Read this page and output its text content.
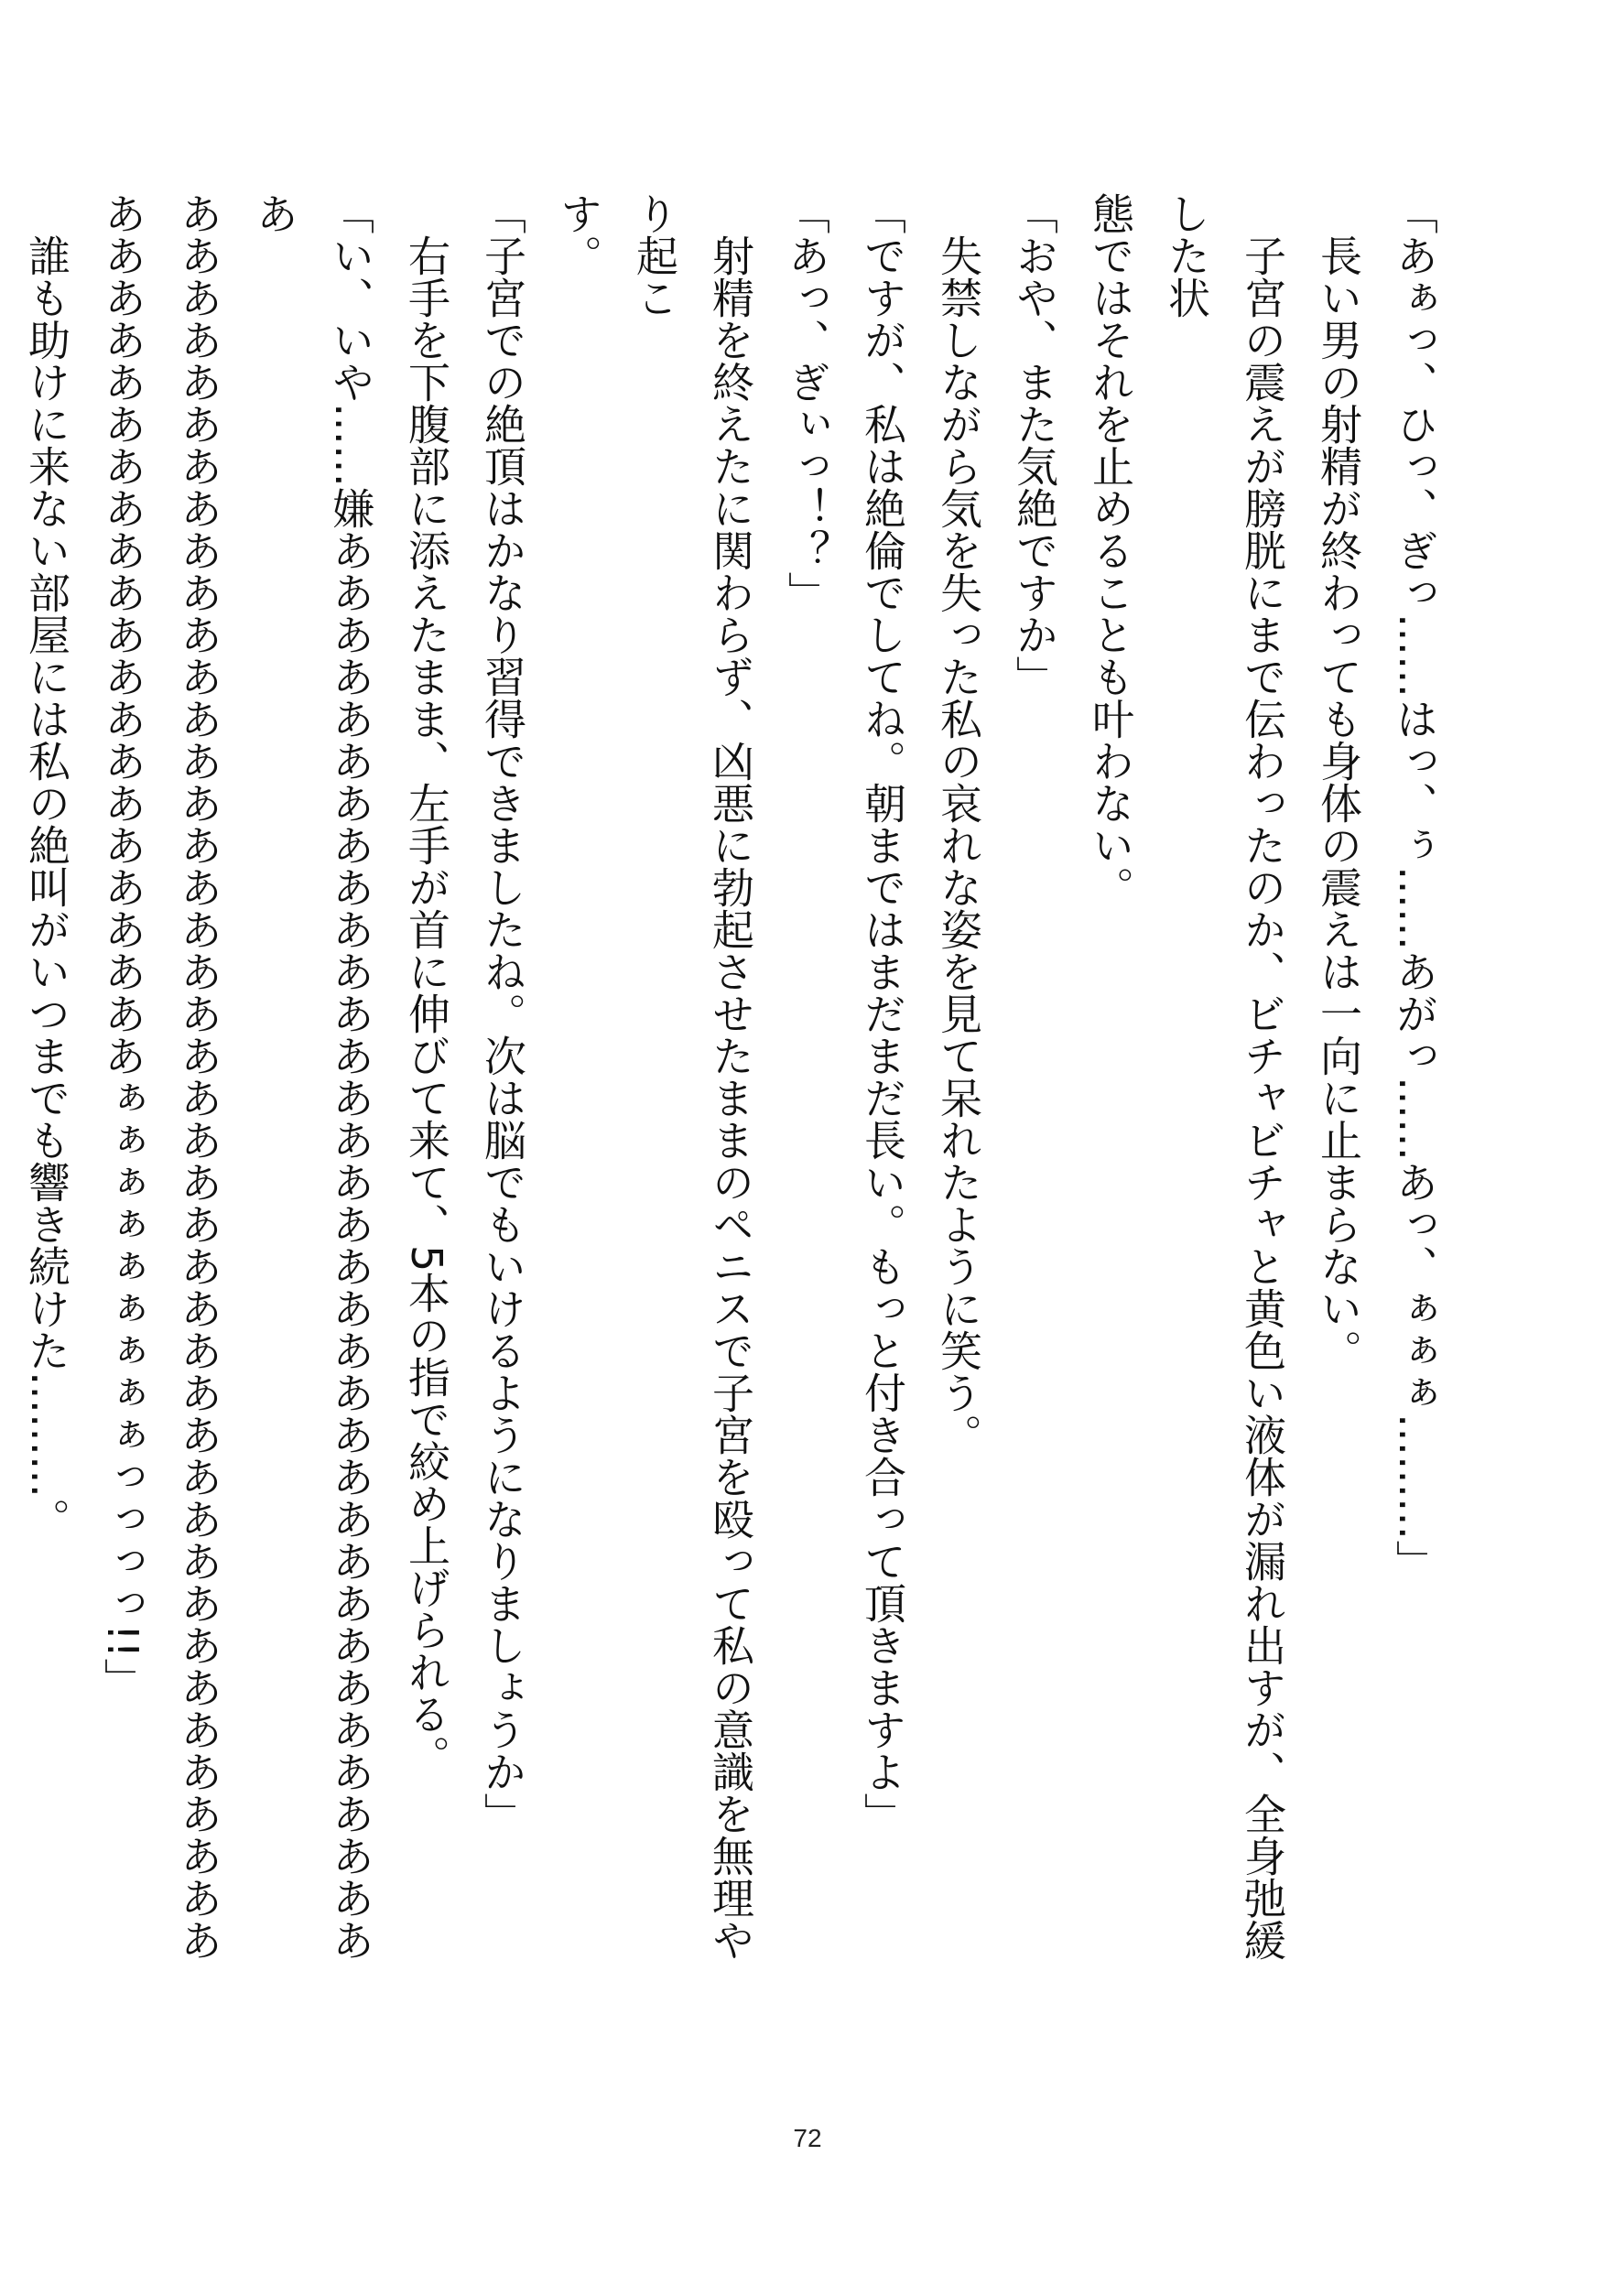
「あぁっ、ひっ、ぎっ……はっ、ぅ……あがっ……あっ、ぁぁぁ………」

　長い男の射精が終わっても身体の震えは一向に止まらない。

　子宮の震えが膀胱にまで伝わったのか、ビチャビチャと黄色い液体が漏れ出すが、全身弛緩した状

態ではそれを止めることも叶わない。

「おや、また気絶ですか」

　失禁しながら気を失った私の哀れな姿を見て呆れたように笑う。

「ですが、私は絶倫でしてね。朝まではまだまだ長い。もっと付き合って頂きますよ」

「あっ、ぎぃっ！？」

　射精を終えたに関わらず、凶悪に勃起させたままのペニスで子宮を殴って私の意識を無理やり起こ

す。

「子宮での絶頂はかなり習得できましたね。次は脳でもいけるようになりましょうか」

　右手を下腹部に添えたまま、左手が首に伸びて来て、5本の指で絞め上げられる。

「い、いや……嫌あああああああああああああああああああああああああああああああああああ

ああああああああああああああああああああああああああああああああああああああああああ

あああああああああああああああああああああぁぁぁぁぁぁぁぁぁっっっっ!!」

　誰も助けに来ない部屋には私の絶叫がいつまでも響き続けた………。

72
